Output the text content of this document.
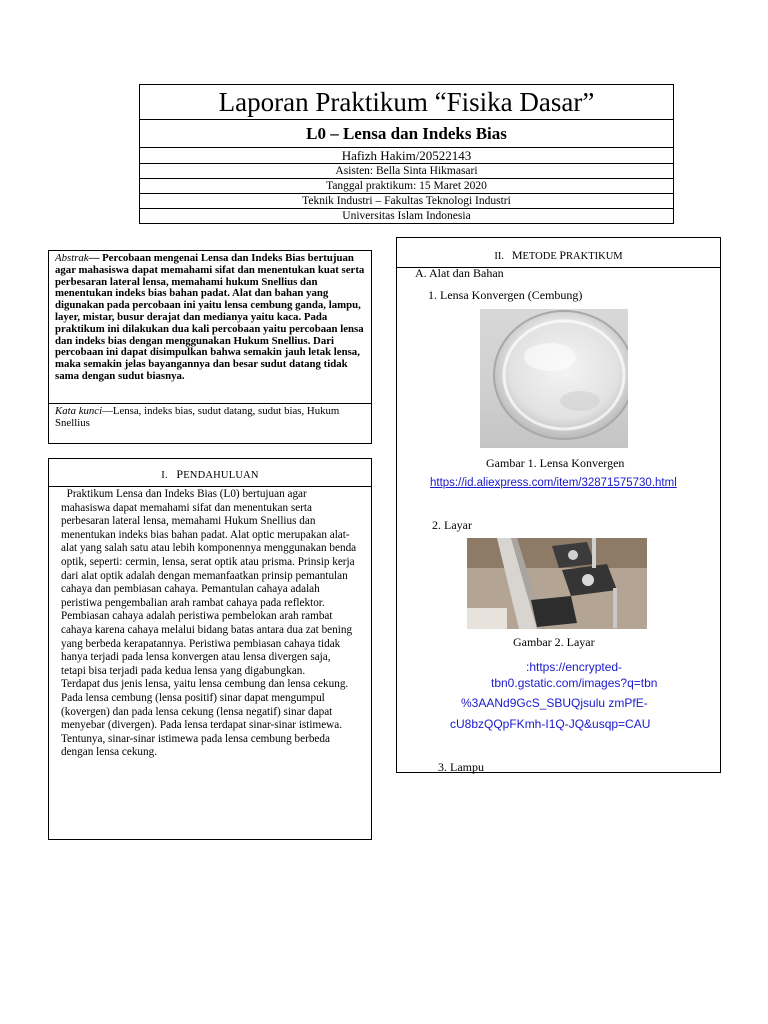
Laporan Praktikum “Fisika Dasar”
L0 – Lensa dan Indeks Bias
Hafizh Hakim/20522143
Asisten: Bella Sinta Hikmasari
Tanggal praktikum: 15 Maret 2020
Teknik Industri – Fakultas Teknologi Industri
Universitas Islam Indonesia
Abstrak— Percobaan mengenai Lensa dan Indeks Bias bertujuan agar mahasiswa dapat memahami sifat dan menentukan kuat serta perbesaran lateral lensa, memahami hukum Snellius dan menentukan indeks bias bahan padat. Alat dan bahan yang digunakan pada percobaan ini yaitu lensa cembung ganda, lampu, layer, mistar, busur derajat dan medianya yaitu kaca. Pada praktikum ini dilakukan dua kali percobaan yaitu percobaan lensa dan indeks bias dengan menggunakan Hukum Snellius. Dari percobaan ini dapat disimpulkan bahwa semakin jauh letak lensa, maka semakin jelas bayangannya dan besar sudut datang tidak sama dengan sudut biasnya.
Kata kunci—Lensa, indeks bias, sudut datang, sudut bias, Hukum Snellius
I. PENDAHULUAN

Praktikum Lensa dan Indeks Bias (L0) bertujuan agar mahasiswa dapat memahami sifat dan menentukan serta perbesaran lateral lensa, memahami Hukum Snellius dan menentukan indeks bias bahan padat. Alat optic merupakan alat-alat yang salah satu atau lebih komponennya menggunakan benda optik, seperti: cermin, lensa, serat optik atau prisma. Prinsip kerja dari alat optik adalah dengan memanfaatkan prinsip pemantulan cahaya dan pembiasan cahaya. Pemantulan cahaya adalah peristiwa pengembalian arah rambat cahaya pada reflektor. Pembiasan cahaya adalah peristiwa pembelokan arah rambat cahaya karena cahaya melalui bidang batas antara dua zat bening yang berbeda kerapatannya. Peristiwa pembiasan cahaya tidak hanya terjadi pada lensa konvergen atau lensa divergen saja, tetapi bisa terjadi pada kedua lensa yang digabungkan.

Terdapat dus jenis lensa, yaitu lensa cembung dan lensa cekung. Pada lensa cembung (lensa positif) sinar dapat mengumpul (kovergen) dan pada lensa cekung (lensa negatif) sinar dapat menyebar (divergen). Pada lensa terdapat sinar-sinar istimewa. Tentunya, sinar-sinar istimewa pada lensa cembung berbeda dengan lensa cekung.

II. METODE PRAKTIKUM
A. Alat dan Bahan
1. Lensa Konvergen (Cembung)
Gambar 1. Lensa Konvergen
https://id.aliexpress.com/item/32871575730.html
2. Layar
Gambar 2. Layar
:https://encrypted-
tbn0.gstatic.com/images?q=tbn
%3AANd9GcS_SBUQjsulu zmPfE-
cU8bzQQpFKmh-I1Q-JQ&usqp=CAU
3. Lampu
